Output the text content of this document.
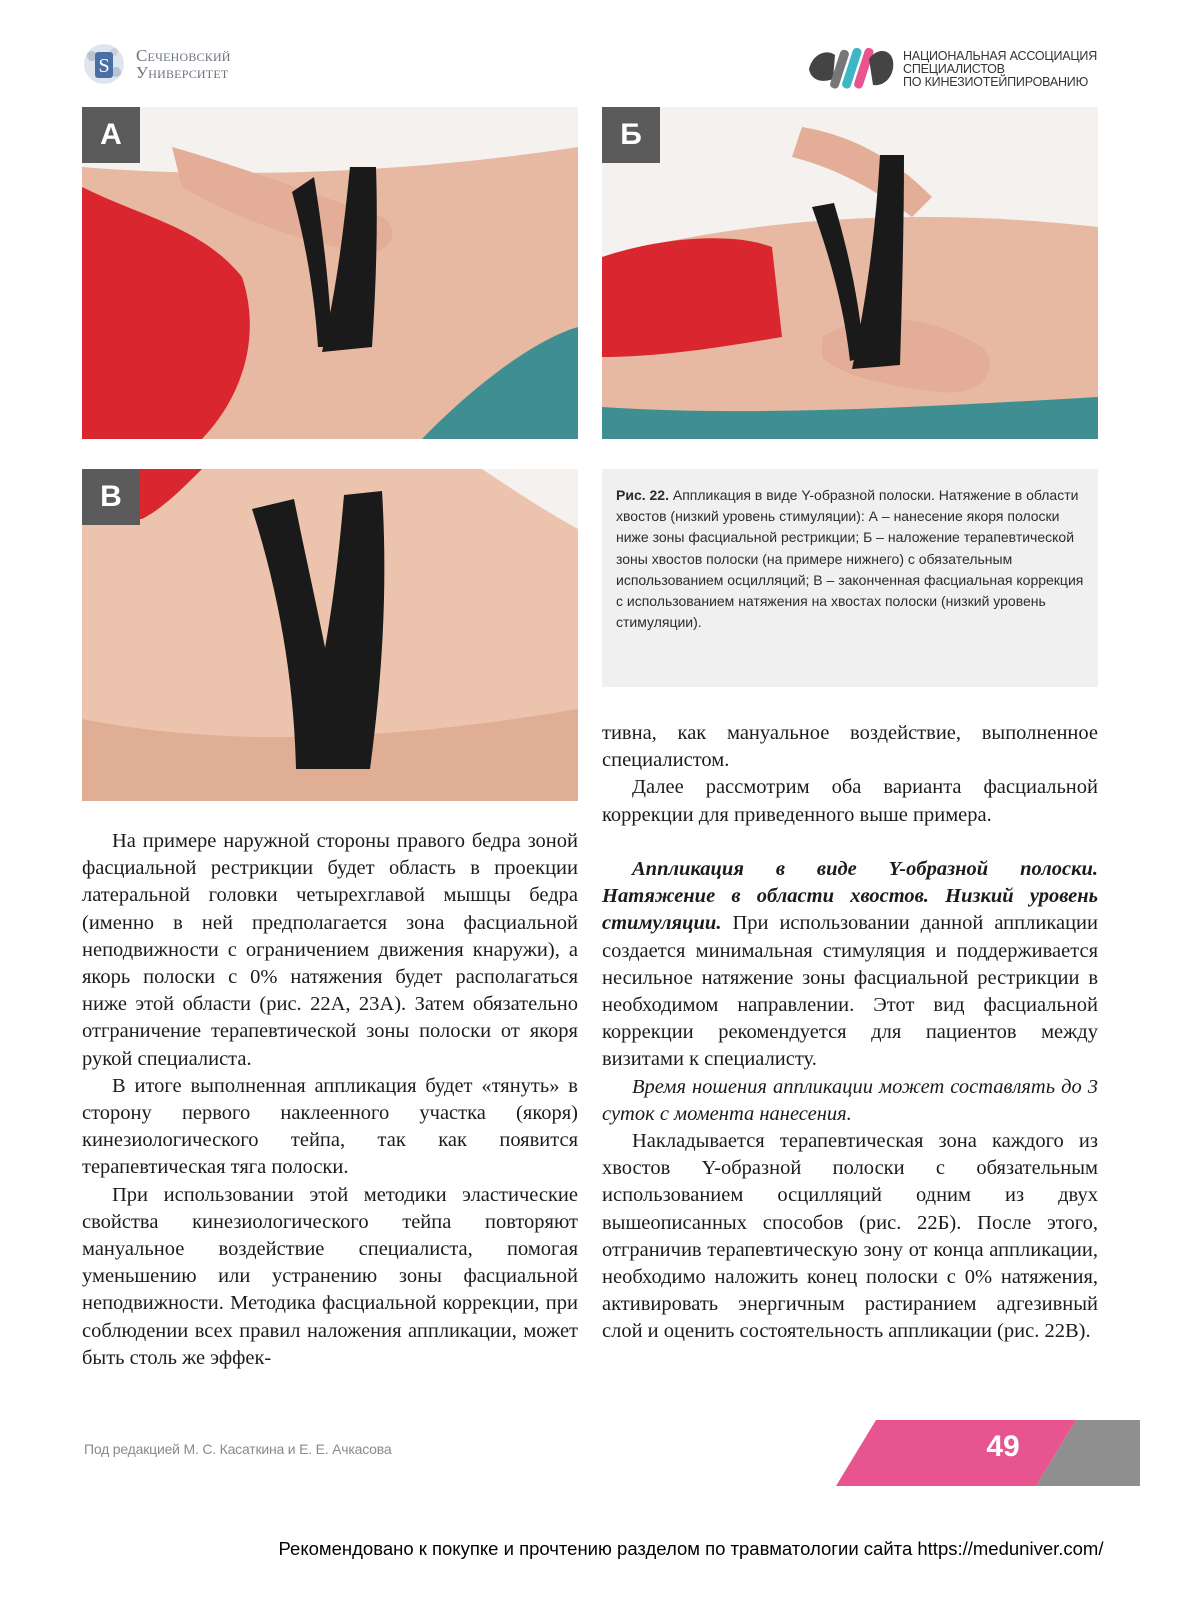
S Сеченовский
Университет
НАЦИОНАЛЬНАЯ АССОЦИАЦИЯ
СПЕЦИАЛИСТОВ
ПО КИНЕЗИОТЕЙПИРОВАНИЮ
А	Б
В	Рис. 22. Аппликация в виде Y-образной полоски. Натяжение в области хвостов (низкий уровень стимуляции): А – нанесение якоря полоски ниже зоны фасциальной рестрикции; Б – наложение терапевтической зоны хвостов полоски (на примере нижнего) с обязательным использованием осцилляций; В – законченная фасциальная коррекция с использованием натяжения на хвостах полоски (низкий уровень стимуляции).

На примере наружной стороны правого бедра зоной фасциальной рестрикции будет область в проекции латеральной головки четырехглавой мышцы бедра (именно в ней предполагается зона фасциальной неподвижности с ограничением движения кнаружи), а якорь полоски с 0% натяжения будет располагаться ниже этой области (рис. 22А, 23А). Затем обязательно отграничение терапевтической зоны полоски от якоря рукой специалиста.

В итоге выполненная аппликация будет «тянуть» в сторону первого наклеенного участка (якоря) кинезиологического тейпа, так как появится терапевтическая тяга полоски.

При использовании этой методики эластические свойства кинезиологического тейпа повторяют мануальное воздействие специалиста, помогая уменьшению или устранению зоны фасциальной неподвижности. Методика фасциальной коррекции, при соблюдении всех правил наложения аппликации, может быть столь же эффек-

тивна, как мануальное воздействие, выполненное специалистом.

Далее рассмотрим оба варианта фасциальной коррекции для приведенного выше примера.

Аппликация в виде Y-образной полоски. Натяжение в области хвостов. Низкий уровень стимуляции. При использовании данной аппликации создается минимальная стимуляция и поддерживается несильное натяжение зоны фасциальной рестрикции в необходимом направлении. Этот вид фасциальной коррекции рекомендуется для пациентов между визитами к специалисту.

Время ношения аппликации может составлять до 3 суток с момента нанесения.

Накладывается терапевтическая зона каждого из хвостов Y-образной полоски с обязательным использованием осцилляций одним из двух вышеописанных способов (рис. 22Б). После этого, отграничив терапевтическую зону от конца аппликации, необходимо наложить конец полоски с 0% натяжения, активировать энергичным растиранием адгезивный слой и оценить состоятельность аппликации (рис. 22В).

Под редакцией М. С. Касаткина и Е. Е. Ачкасова	49
Рекомендовано к покупке и прочтению разделом по травматологии сайта https://meduniver.com/
